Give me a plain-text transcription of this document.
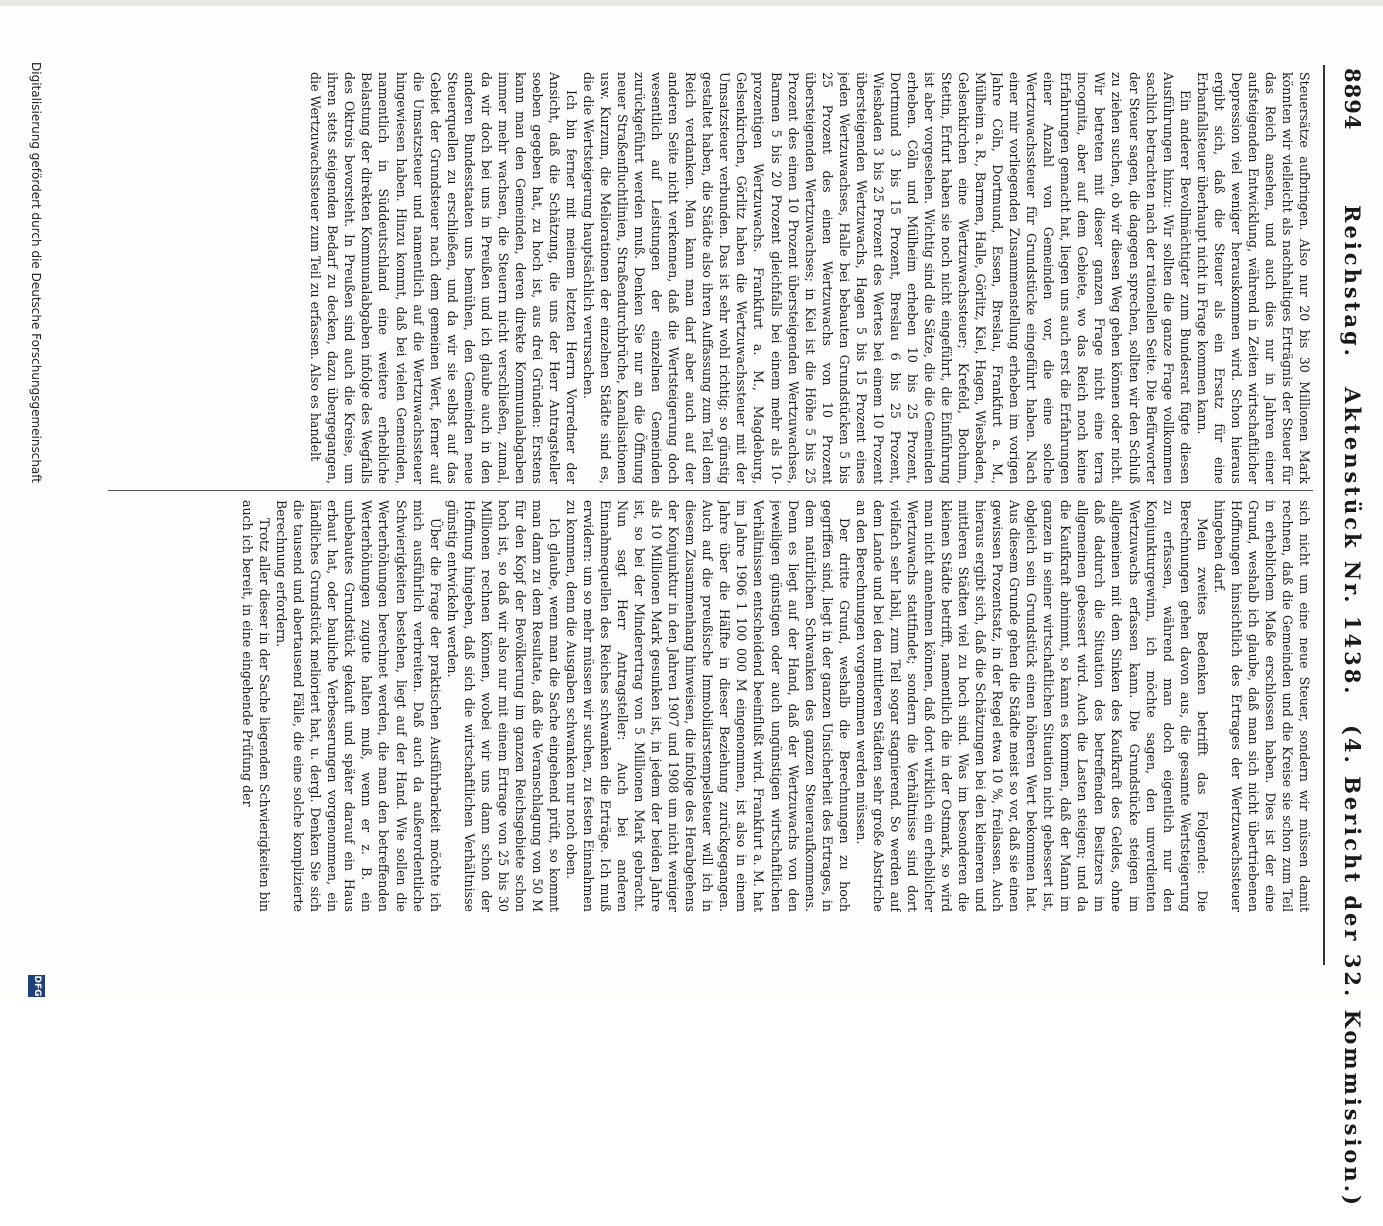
8894
Reichstag. Aktenstück Nr. 1438. (4. Bericht der 32. Kommission.)

Steuersätze aufbringen. Also nur 20 bis 30 Millionen Mark könnten wir vielleicht als nachhaltiges Erträgnis der Steuer für das Reich ansehen, und auch dies nur in Jahren einer aufsteigenden Entwicklung, während in Zeiten wirtschaftlicher Depression viel weniger herauskommen wird. Schon hieraus ergibt sich, daß die Steuer als ein Ersatz für eine Erbanfallsteuer überhaupt nicht in Frage kommen kann.

Ein anderer Bevollmächtigter zum Bundesrat fügte diesen Ausführungen hinzu: Wir sollten die ganze Frage vollkommen sachlich betrachten nach der rationellen Seite. Die Befürworter der Steuer sagen, die dagegen sprechen, sollten wir den Schluß zu ziehen suchen, ob wir diesen Weg gehen können oder nicht. Wir betreten mit dieser ganzen Frage nicht eine terra incognita, aber auf dem Gebiete, wo das Reich noch keine Erfahrungen gemacht hat, liegen uns auch erst die Erfahrungen einer Anzahl von Gemeinden vor, die eine solche Wertzuwachssteuer für Grundstücke eingeführt haben. Nach einer mir vorliegenden Zusammenstellung erheben im vorigen Jahre Cöln, Dortmund, Essen, Breslau, Frankfurt a. M., Mülheim a. R., Barmen, Halle, Görlitz, Kiel, Hagen, Wiesbaden, Gelsenkirchen eine Wertzuwachssteuer; Krefeld, Bochum, Stettin, Erfurt haben sie noch nicht eingeführt, die Einführung ist aber vorgesehen. Wichtig sind die Sätze, die die Gemeinden erheben. Cöln und Mülheim erheben 10 bis 25 Prozent, Dortmund 3 bis 15 Prozent, Breslau 6 bis 25 Prozent, Wiesbaden 3 bis 25 Prozent des Wertes bei einem 10 Prozent übersteigenden Wertzuwachs, Hagen 5 bis 15 Prozent eines jeden Wertzuwachses, Halle bei bebauten Grundstücken 5 bis 25 Prozent des einen Wertzuwachs von 10 Prozent übersteigenden Wertzuwachses; in Kiel ist die Höhe 5 bis 25 Prozent des einen 10 Prozent übersteigenden Wertzuwachses, Barmen 5 bis 20 Prozent gleichfalls bei einem mehr als 10-prozentigen Wertzuwachs. Frankfurt a. M., Magdeburg, Gelsenkirchen, Görlitz haben die Wertzuwachssteuer mit der Umsatzsteuer verbunden. Das ist sehr wohl richtig; so günstig gestaltet haben, die Städte also ihren Auffassung zum Teil dem Reich verdanken. Man kann man darf aber auch auf der anderen Seite nicht verkennen, daß die Wertsteigerung doch wesentlich auf Leistungen der einzelnen Gemeinden zurückgeführt werden muß. Denken Sie nur an die Öffnung neuer Straßenfluchtlinien, Straßendurchbrüche, Kanalisationen usw. Kurzum, die Meliorationen der einzelnen Städte sind es, die die Wertsteigerung hauptsächlich verursachen.

Ich bin ferner mit meinem letzten Herrn Vorredner der Ansicht, daß die Schätzung, die uns der Herr Antragsteller soeben gegeben hat, zu hoch ist, aus drei Gründen: Erstens kann man den Gemeinden, deren direkte Kommunalabgaben immer mehr wachsen, die Steuern nicht verschließen, zumal, da wir doch bei uns in Preußen und ich glaube auch in den anderen Bundesstaaten uns bemühen, den Gemeinden neue Steuerquellen zu erschließen, und da wir sie selbst auf das Gebiet der Grundsteuer nach dem gemeinen Wert, ferner auf die Umsatzsteuer und namentlich auf die Wertzuwachssteuer hingewiesen haben. Hinzu kommt, daß bei vielen Gemeinden, namentlich in Süddeutschland eine weitere erhebliche Belastung der direkten Kommunalabgaben infolge des Wegfalls des Oktrois bevorsteht. In Preußen sind auch die Kreise, um ihren stets steigenden Bedarf zu decken, dazu übergegangen, die Wertzuwachssteuer zum Teil zu erfassen. Also es handelt

sich nicht um eine neue Steuer, sondern wir müssen damit rechnen, daß die Gemeinden und die Kreise sie schon zum Teil in erheblichem Maße erschlossen haben. Dies ist der eine Grund, weshalb ich glaube, daß man sich nicht übertriebenen Hoffnungen hinsichtlich des Ertrages der Wertzuwachssteuer hingeben darf.

Mein zweites Bedenken betrifft das Folgende: Die Berechnungen gehen davon aus, die gesamte Wertsteigerung zu erfassen, während man doch eigentlich nur den Konjunkturgewinn, ich möchte sagen, den unverdienten Wertzuwachs erfassen kann. Die Grundstücke steigen im allgemeinen mit dem Sinken des Kaufkraft des Geldes, ohne daß dadurch die Situation des betreffenden Besitzers im allgemeinen gebessert wird. Auch die Lasten steigen; und da die Kaufkraft abnimmt, so kann es kommen, daß der Mann im ganzen in seiner wirtschaftlichen Situation nicht gebessert ist, obgleich sein Grundstück einen höheren Wert bekommen hat. Aus diesem Grunde gehen die Städte meist so vor, daß sie einen gewissen Prozentsatz, in der Regel etwa 10 %, freilassen. Auch hieraus ergibt sich, daß die Schätzungen bei den kleineren und mittleren Städten viel zu hoch sind. Was im besonderen die kleinen Städte betrifft, namentlich die in der Ostmark, so wird man nicht annehmen können, daß dort wirklich ein erheblicher Wertzuwachs stattfindet; sondern die Verhältnisse sind dort vielfach sehr labil, zum Teil sogar stagnierend. So werden auf dem Lande und bei den mittleren Städten sehr große Abstriche an den Berechnungen vorgenommen werden müssen.

Der dritte Grund, weshalb die Berechnungen zu hoch gegriffen sind, liegt in der ganzen Unsicherheit des Ertrages, in dem natürlichen Schwanken des ganzen Steueraufkommens. Denn es liegt auf der Hand, daß der Wertzuwachs von den jeweiligen günstigen oder auch ungünstigen wirtschaftlichen Verhältnissen entscheidend beeinflußt wird. Frankfurt a. M. hat im Jahre 1906 1 100 000 M eingenommen, ist also in einem Jahre über die Hälfte in dieser Beziehung zurückgegangen. Auch auf die preußische Immobiliarstempelsteuer will ich in diesem Zusammenhang hinweisen, die infolge des Herabgehens der Konjunktur in den Jahren 1907 und 1908 um nicht weniger als 10 Millionen Mark gesunken ist, in jedem der beiden Jahre ist, so bei der Minderertrag von 5 Millionen Mark gebracht. Nun sagt Herr Antragsteller: Auch bei anderen Einnahmequellen des Reiches schwanken die Erträge. Ich muß erwidern: um so mehr müssen wir suchen, zu festen Einnahmen zu kommen, denn die Ausgaben schwanken nur noch oben.

Ich glaube, wenn man die Sache eingehend prüft, so kommt man dann zu dem Resultate, daß die Veranschlagung von 50 M für den Kopf der Bevölkerung im ganzen Reichsgebiete schon hoch ist, so daß wir also nur mit einem Ertrage von 25 bis 30 Millionen rechnen können, wobei wir uns dann schon der Hoffnung hingeben, daß sich die wirtschaftlichen Verhältnisse günstig entwickeln werden.

Über die Frage der praktischen Ausführbarkeit möchte ich mich ausführlich verbreiten. Daß auch da außerordentliche Schwierigkeiten bestehen, liegt auf der Hand. Wie sollen die Werterhöhungen berechnet werden, die man den betreffenden Werterhöhungen zugute halten muß, wenn er z. B. ein unbebautes Grundstück gekauft und später darauf ein Haus erbaut hat, oder bauliche Verbesserungen vorgenommen, ein ländliches Grundstück melioriert hat, u. dergl. Denken Sie sich die tausend und abertausend Fälle, die eine solche komplizierte Berechnung erfordern.

Trotz aller dieser in der Sache liegenden Schwierigkeiten bin auch ich bereit, in eine eingehende Prüfung der

Digitalisierung gefördert durch die Deutsche Forschungsgemeinschaft
DFG
